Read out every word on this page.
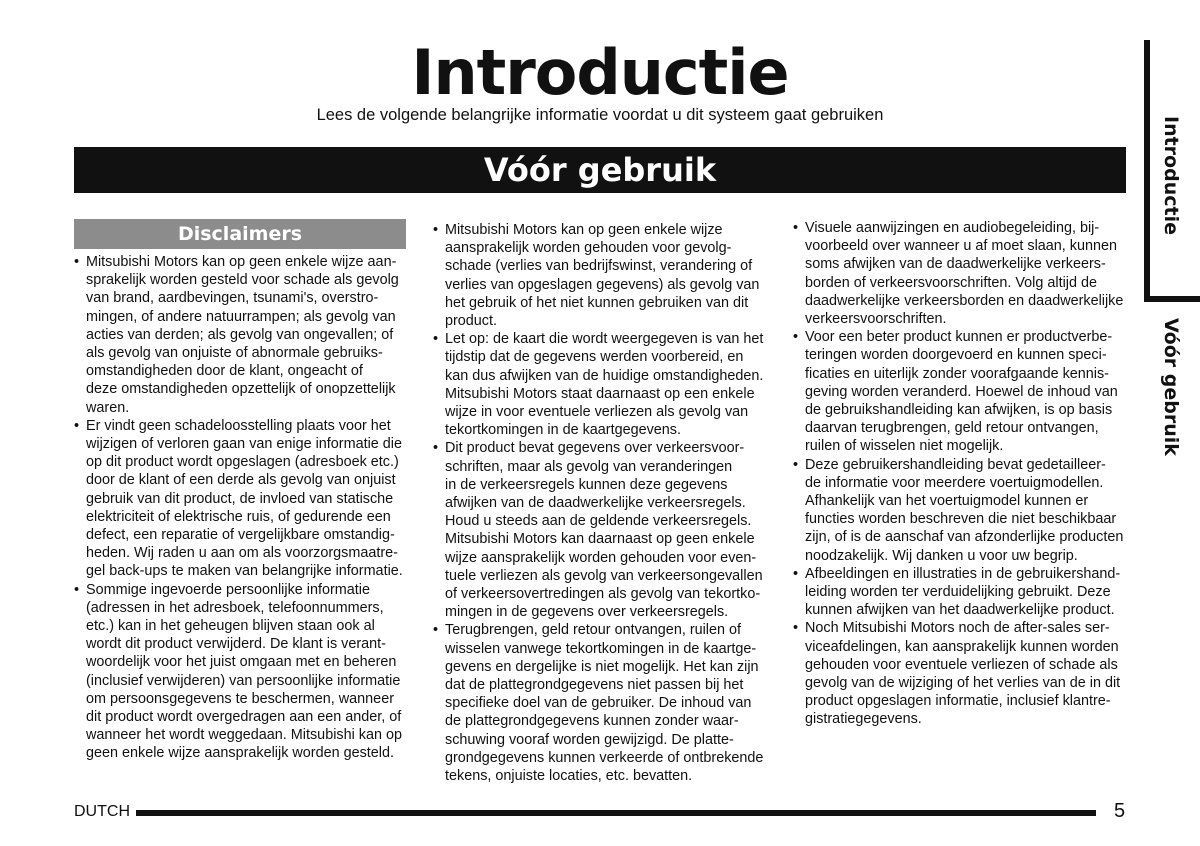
Introductie
Lees de volgende belangrijke informatie voordat u dit systeem gaat gebruiken
Vóór gebruik	Introductie
Vóór gebruik
Disclaimers
• Mitsubishi Motors kan op geen enkele wijze aan-
sprakelijk worden gesteld voor schade als gevolg
van brand, aardbevingen, tsunami's, overstro-
mingen, of andere natuurrampen; als gevolg van
acties van derden; als gevolg van ongevallen; of
als gevolg van onjuiste of abnormale gebruiks-
omstandigheden door de klant, ongeacht of
deze omstandigheden opzettelijk of onopzettelijk
waren.
• Er vindt geen schadeloosstelling plaats voor het
wijzigen of verloren gaan van enige informatie die
op dit product wordt opgeslagen (adresboek etc.)
door de klant of een derde als gevolg van onjuist
gebruik van dit product, de invloed van statische
elektriciteit of elektrische ruis, of gedurende een
defect, een reparatie of vergelijkbare omstandig-
heden. Wij raden u aan om als voorzorgsmaatre-
gel back-ups te maken van belangrijke informatie.
• Sommige ingevoerde persoonlijke informatie
(adressen in het adresboek, telefoonnummers,
etc.) kan in het geheugen blijven staan ook al
wordt dit product verwijderd. De klant is verant-
woordelijk voor het juist omgaan met en beheren
(inclusief verwijderen) van persoonlijke informatie
om persoonsgegevens te beschermen, wanneer
dit product wordt overgedragen aan een ander, of
wanneer het wordt weggedaan. Mitsubishi kan op
geen enkele wijze aansprakelijk worden gesteld.
• Mitsubishi Motors kan op geen enkele wijze
aansprakelijk worden gehouden voor gevolg-
schade (verlies van bedrijfswinst, verandering of
verlies van opgeslagen gegevens) als gevolg van
het gebruik of het niet kunnen gebruiken van dit
product.
• Let op: de kaart die wordt weergegeven is van het
tijdstip dat de gegevens werden voorbereid, en
kan dus afwijken van de huidige omstandigheden.
Mitsubishi Motors staat daarnaast op een enkele
wijze in voor eventuele verliezen als gevolg van
tekortkomingen in de kaartgegevens.
• Dit product bevat gegevens over verkeersvoor-
schriften, maar als gevolg van veranderingen
in de verkeersregels kunnen deze gegevens
afwijken van de daadwerkelijke verkeersregels.
Houd u steeds aan de geldende verkeersregels.
Mitsubishi Motors kan daarnaast op geen enkele
wijze aansprakelijk worden gehouden voor even-
tuele verliezen als gevolg van verkeersongevallen
of verkeersovertredingen als gevolg van tekortko-
mingen in de gegevens over verkeersregels.
• Terugbrengen, geld retour ontvangen, ruilen of
wisselen vanwege tekortkomingen in de kaartge-
gevens en dergelijke is niet mogelijk. Het kan zijn
dat de plattegrondgegevens niet passen bij het
specifieke doel van de gebruiker. De inhoud van
de plattegrondgegevens kunnen zonder waar-
schuwing vooraf worden gewijzigd. De platte-
grondgegevens kunnen verkeerde of ontbrekende
tekens, onjuiste locaties, etc. bevatten.
• Visuele aanwijzingen en audiobegeleiding, bij-
voorbeeld over wanneer u af moet slaan, kunnen
soms afwijken van de daadwerkelijke verkeers-
borden of verkeersvoorschriften. Volg altijd de
daadwerkelijke verkeersborden en daadwerkelijke
verkeersvoorschriften.
• Voor een beter product kunnen er productverbe-
teringen worden doorgevoerd en kunnen speci-
ficaties en uiterlijk zonder voorafgaande kennis-
geving worden veranderd. Hoewel de inhoud van
de gebruikshandleiding kan afwijken, is op basis
daarvan terugbrengen, geld retour ontvangen,
ruilen of wisselen niet mogelijk.
• Deze gebruikershandleiding bevat gedetailleer-
de informatie voor meerdere voertuigmodellen.
Afhankelijk van het voertuigmodel kunnen er
functies worden beschreven die niet beschikbaar
zijn, of is de aanschaf van afzonderlijke producten
noodzakelijk. Wij danken u voor uw begrip.
• Afbeeldingen en illustraties in de gebruikershand-
leiding worden ter verduidelijking gebruikt. Deze
kunnen afwijken van het daadwerkelijke product.
• Noch Mitsubishi Motors noch de after-sales ser-
viceafdelingen, kan aansprakelijk kunnen worden
gehouden voor eventuele verliezen of schade als
gevolg van de wijziging of het verlies van de in dit
product opgeslagen informatie, inclusief klantre-
gistratiegegevens.
DUTCH	5
